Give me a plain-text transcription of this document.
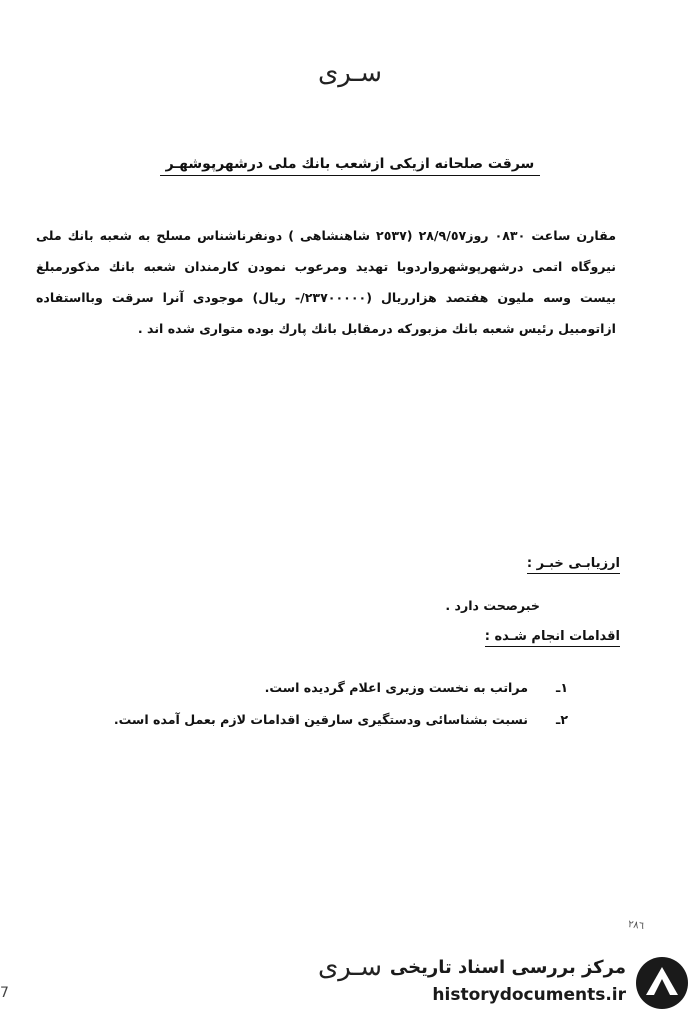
سـرى
سرقت صلحانه ازيكى ازشعب بانك ملى درشهرپوشهـر
مقارن ساعت ٠٨٣٠ روز٢٨/٩/٥٧ (٢٥٣٧ شاهنشاهى ) دونفرناشناس مسلح به شعبه بانك ملى نيروگاه اتمى درشهرپوشهرواردوبا تهديد ومرعوب نمودن كارمندان شعبه بانك مذكورمبلغ بيست وسه مليون هفتصد هزارريال (٢٣٧٠٠٠٠٠/- ريال) موجودى آنرا سرقت وبااستفاده ازاتومبيل رئيس شعبه بانك مزبوركه درمقابل بانك پارك بوده متوارى شده اند .
ارزيابـى خبـر :
خبرصحت دارد .
اقدامات انجام شـده :
١ـمراتب به نخست وزيرى اعلام گرديده است.
٢ـنسبت بشناسائى ودستگيرى سارقين اقدامات لازم بعمل آمده است.
٢٨٦
7
سـرى مرکز بررسی اسناد تاریخی
historydocuments.ir
